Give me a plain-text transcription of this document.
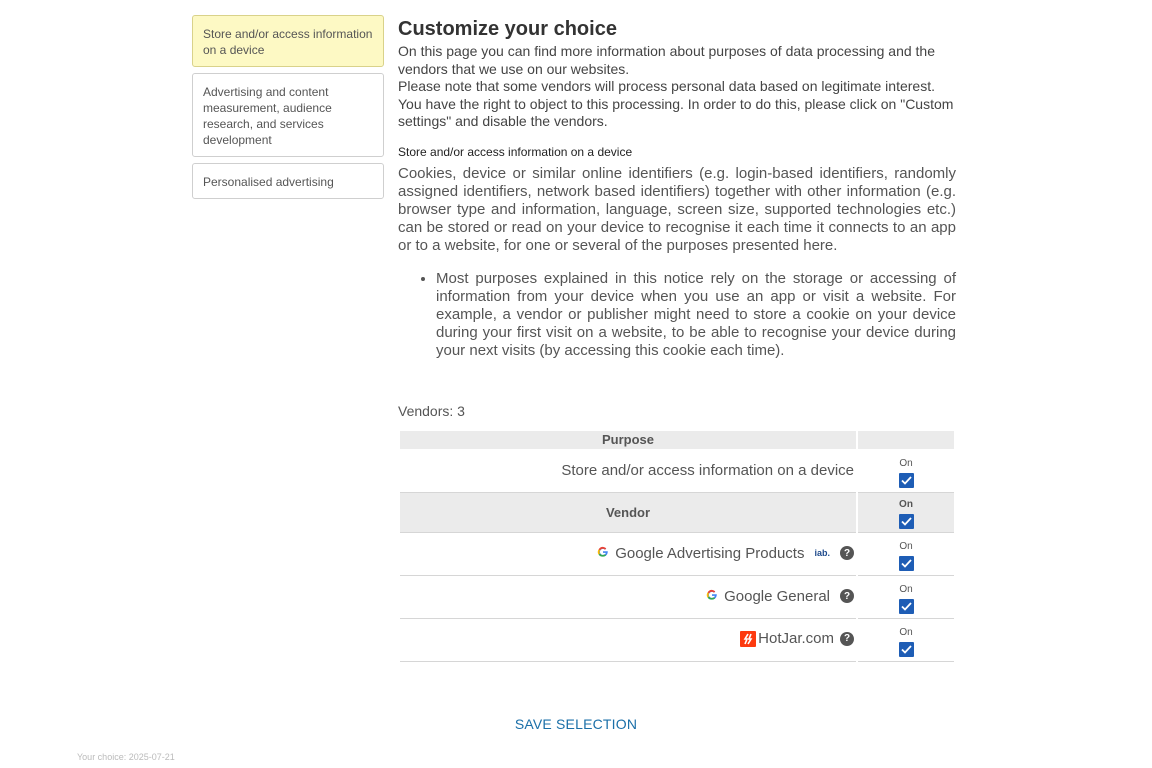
Store and/or access information on a device
Advertising and content measurement, audience research, and services development
Personalised advertising
Customize your choice

On this page you can find more information about purposes of data processing and the vendors that we use on our websites.

Please note that some vendors will process personal data based on legitimate interest. You have the right to object to this processing. In order to do this, please click on "Custom settings" and disable the vendors.

Store and/or access information on a device

Cookies, device or similar online identifiers (e.g. login-based identifiers, randomly assigned identifiers, network based identifiers) together with other information (e.g. browser type and information, language, screen size, supported technologies etc.) can be stored or read on your device to recognise it each time it connects to an app or to a website, for one or several of the purposes presented here.

• Most purposes explained in this notice rely on the storage or accessing of information from your device when you use an app or visit a website. For example, a vendor or publisher might need to store a cookie on your device during your first visit on a website, to be able to recognise your device during your next visits (by accessing this cookie each time).
Vendors: 3
Purpose	
Store and/or access information on a device	On

Vendor	On

Google Advertising Products iab. ?	On

Google General ?	On

HotJar.com ?	On
SAVE SELECTION
Your choice: 2025-07-21
